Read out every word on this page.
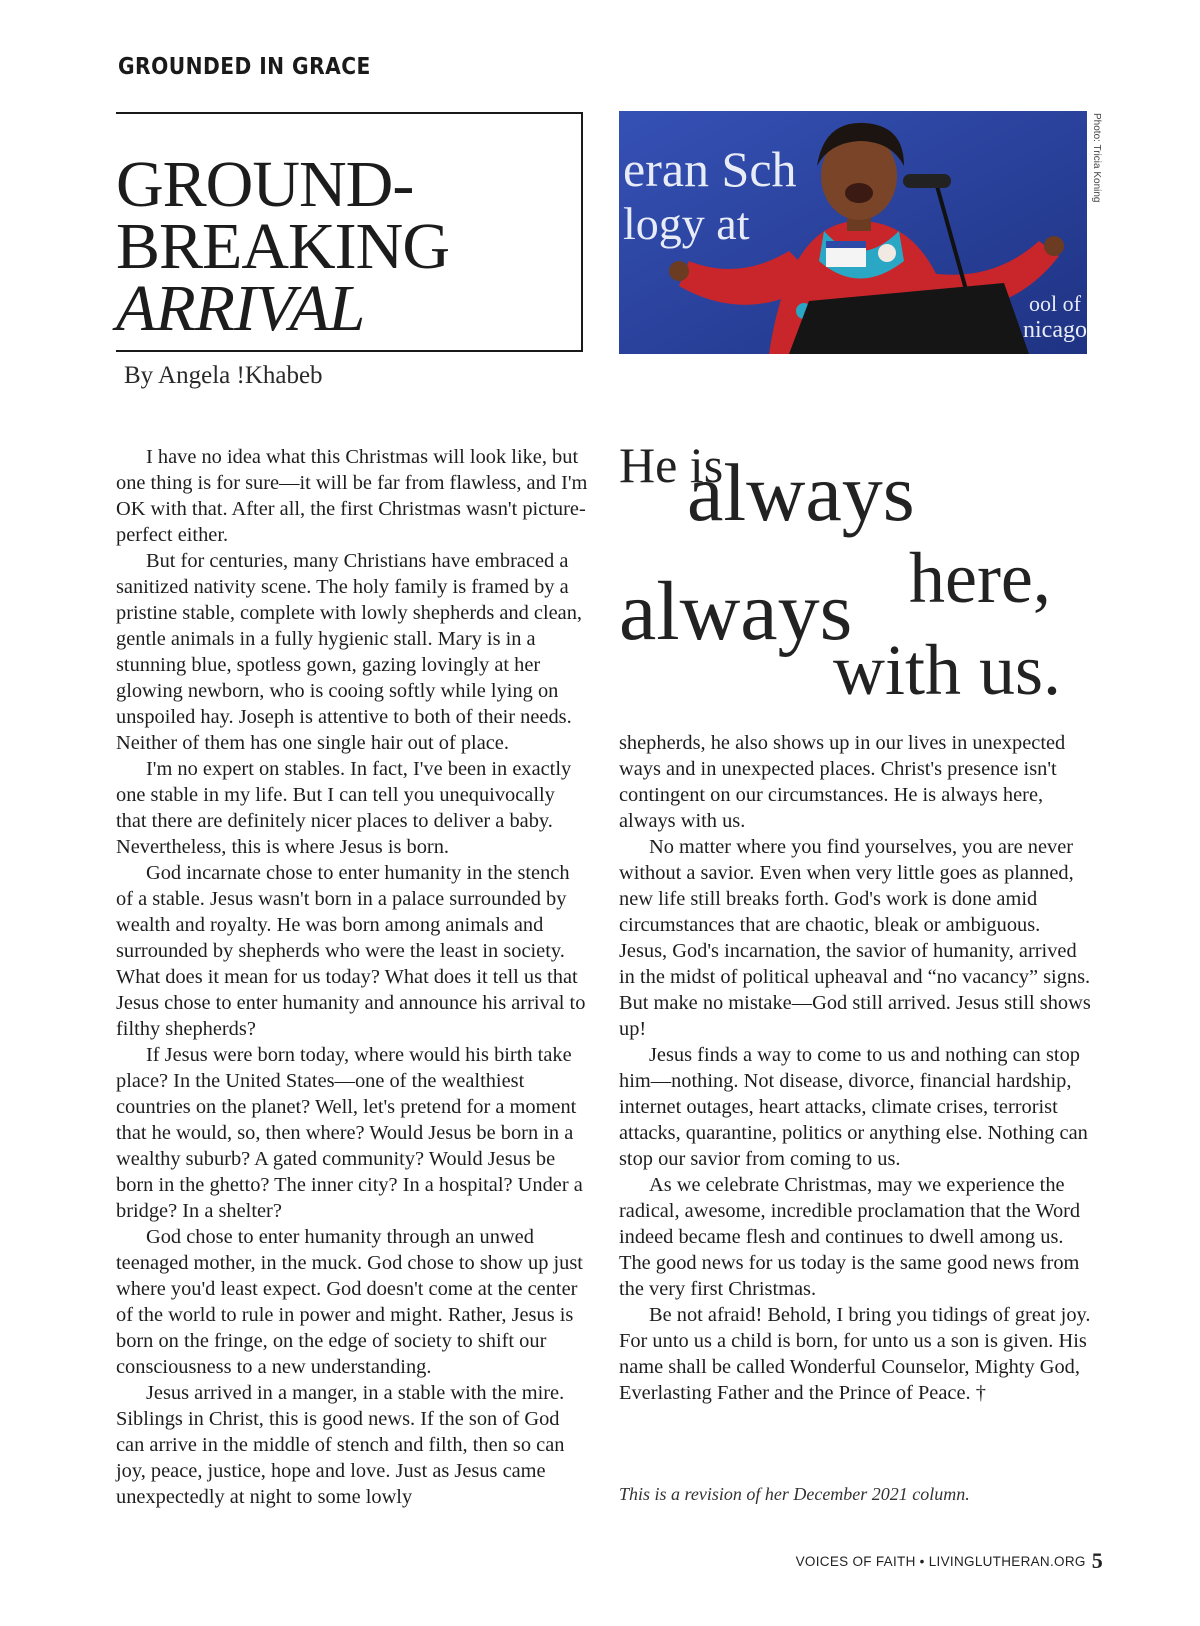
GROUNDED IN GRACE
GROUND-
BREAKING
ARRIVAL
By Angela !Khabeb
eran Sch
logy at
ool of
nicago
Photo: Tricia Koning

I have no idea what this Christmas will look like, but one thing is for sure—it will be far from flawless, and I'm OK with that. After all, the first Christmas wasn't picture-perfect either.

But for centuries, many Christians have embraced a sanitized nativity scene. The holy family is framed by a pristine stable, complete with lowly shepherds and clean, gentle animals in a fully hygienic stall. Mary is in a stunning blue, spotless gown, gazing lovingly at her glowing newborn, who is cooing softly while lying on unspoiled hay. Joseph is attentive to both of their needs. Neither of them has one single hair out of place.

I'm no expert on stables. In fact, I've been in exactly one stable in my life. But I can tell you unequivocally that there are definitely nicer places to deliver a baby. Nevertheless, this is where Jesus is born.

God incarnate chose to enter humanity in the stench of a stable. Jesus wasn't born in a palace surrounded by wealth and royalty. He was born among animals and surrounded by shepherds who were the least in society. What does it mean for us today? What does it tell us that Jesus chose to enter humanity and announce his arrival to filthy shepherds?

If Jesus were born today, where would his birth take place? In the United States—one of the wealthiest countries on the planet? Well, let's pretend for a moment that he would, so, then where? Would Jesus be born in a wealthy suburb? A gated community? Would Jesus be born in the ghetto? The inner city? In a hospital? Under a bridge? In a shelter?

God chose to enter humanity through an unwed teenaged mother, in the muck. God chose to show up just where you'd least expect. God doesn't come at the center of the world to rule in power and might. Rather, Jesus is born on the fringe, on the edge of society to shift our consciousness to a new understanding.

Jesus arrived in a manger, in a stable with the mire. Siblings in Christ, this is good news. If the son of God can arrive in the middle of stench and filth, then so can joy, peace, justice, hope and love. Just as Jesus came unexpectedly at night to some lowly

He is
always
here,
always
with us.

shepherds, he also shows up in our lives in unexpected ways and in unexpected places. Christ's presence isn't contingent on our circumstances. He is always here, always with us.

No matter where you find yourselves, you are never without a savior. Even when very little goes as planned, new life still breaks forth. God's work is done amid circumstances that are chaotic, bleak or ambiguous. Jesus, God's incarnation, the savior of humanity, arrived in the midst of political upheaval and “no vacancy” signs. But make no mistake—God still arrived. Jesus still shows up!

Jesus finds a way to come to us and nothing can stop him—nothing. Not disease, divorce, financial hardship, internet outages, heart attacks, climate crises, terrorist attacks, quarantine, politics or anything else. Nothing can stop our savior from coming to us.

As we celebrate Christmas, may we experience the radical, awesome, incredible proclamation that the Word indeed became flesh and continues to dwell among us. The good news for us today is the same good news from the very first Christmas.

Be not afraid! Behold, I bring you tidings of great joy. For unto us a child is born, for unto us a son is given. His name shall be called Wonderful Counselor, Mighty God, Everlasting Father and the Prince of Peace. †

This is a revision of her December 2021 column.
VOICES OF FAITH • LIVINGLUTHERAN.ORG 5
